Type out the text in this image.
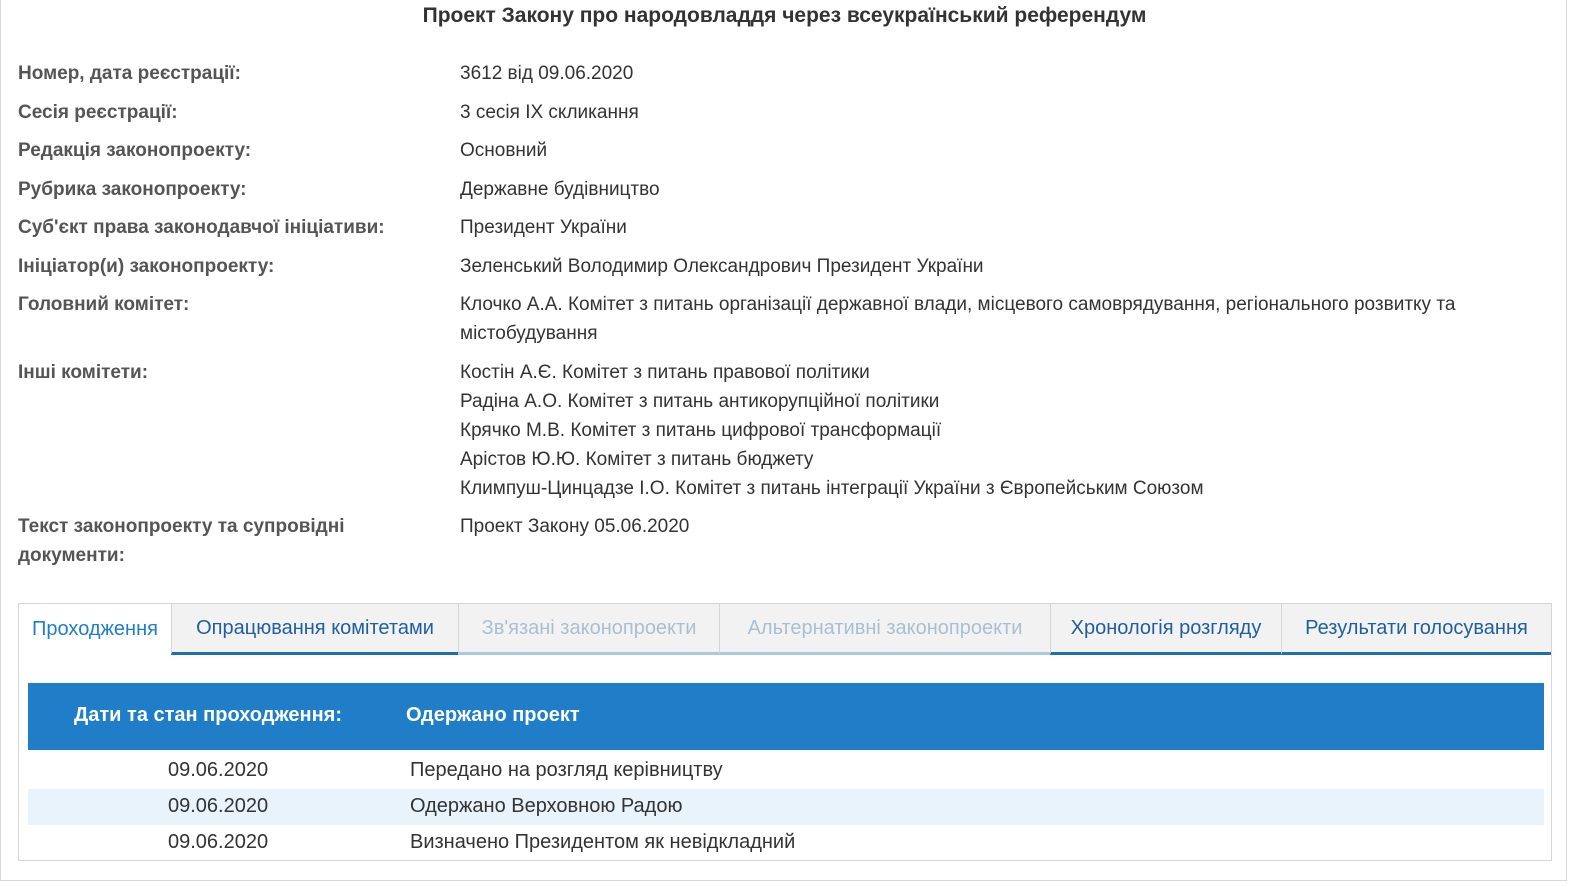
Проект Закону про народовладдя через всеукраїнський референдум
Номер, дата реєстрації:	3612 від 09.06.2020
Сесія реєстрації:	3 сесія IX скликання
Редакція законопроекту:	Основний
Рубрика законопроекту:	Державне будівництво
Суб'єкт права законодавчої ініціативи:	Президент України
Ініціатор(и) законопроекту:	Зеленський Володимир Олександрович Президент України
Головний комітет:	Клочко А.А. Комітет з питань організації державної влади, місцевого самоврядування, регіонального розвитку та
містобудування
Інші комітети:	Костін А.Є. Комітет з питань правової політики
Радіна А.О. Комітет з питань антикорупційної політики
Крячко М.В. Комітет з питань цифрової трансформації
Арістов Ю.Ю. Комітет з питань бюджету
Климпуш-Цинцадзе І.О. Комітет з питань інтеграції України з Європейським Союзом
Текст законопроекту та супровідні
документи:
Проект Закону 05.06.2020
Проходження	Опрацювання комітетами	Зв'язані законопроекти	Альтернативні законопроекти	Хронологія розгляду	Результати голосування
Дати та стан проходження:	Одержано проект
09.06.2020	Передано на розгляд керівництву
09.06.2020	Одержано Верховною Радою
09.06.2020	Визначено Президентом як невідкладний
